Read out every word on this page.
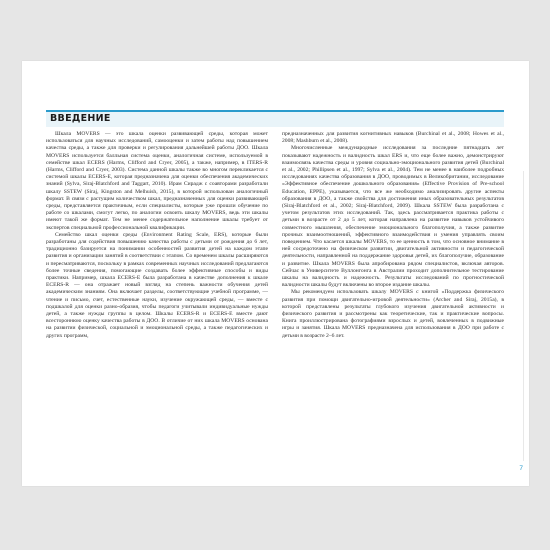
ВВЕДЕНИЕ

Шкала MOVERS — это шкала оценки развивающей среды, которая может использоваться для научных исследований, самооценки и затем работы над повышением качества среды, а также для проверки и регулирования дальнейшей работы ДОО. Шкала MOVERS используется балльная система оценки, аналогичная системе, используемой в семействе шкал ECERS (Harms, Clifford and Cryer, 2005), а также, например, в ITERS-R (Harms, Clifford and Cryer, 2003). Система данной шкалы также во многом перекликается с системой шкалы ECERS-E, которая предназначена для оценки обеспечения академических знаний (Sylva, Siraj-Blatchford and Taggart, 2010). Ирам Сирадж с соавторами разработали шкалу SSTEW (Siraj, Kingston and Melhuish, 2015), в которой использован аналогичный формат. В связи с растущим количеством шкал, предназначенных для оценки развивающей среды, представляется практичным, если специалисты, которые уже прошли обучение по работе со шкалами, смогут легко, по аналогии освоить шкалу MOVERS, ведь эти шкалы имеют такой же формат. Тем не менее содержательное наполнение шкалы требует от экспертов специальной профессиональной квалификации.

Семейство шкал оценки среды (Environment Rating Scale, ERS), которые были разработаны для содействия повышению качества работы с детьми от рождения до 6 лет, традиционно базируется на понимании особенностей развития детей на каждом этапе развития и организации занятий в соответствии с этапом. Со временем шкалы расширяются и пересматриваются, поскольку в рамках современных научных исследований предлагаются более точные сведения, помогающие создавать более эффективные способы и виды практики. Например, шкала ECERS-E была разработана в качестве дополнения к шкале ECERS-R — она отражает новый взгляд на степень важности обучения детей академическим знаниям. Она включает разделы, соответствующие учебной программе, — чтение и письмо, счет, естественные науки, изучение окружающей среды, — вместе с подшкалой для оценки разно-образия, чтобы педагоги учитывали индивидуальные нужды детей, а также нужды группы в целом. Шкалы ECERS-R и ECERS-E вместе дают всестороннюю оценку качества работы в ДОО. В отличие от них шкала MOVERS основана на развитии физической, социальной и эмоциональной среды, а также педагогических и других программ,

предназначенных для развития когнитивных навыков (Burchinal et al., 2008; Howes et al., 2008; Mashburn et al., 2008).

Многочисленные международные исследования за последние пятнадцать лет показывают надежность и валидность шкал ERS и, что еще более важно, демонстрируют взаимосвязь качества среды и уровня социально-эмоционального развития детей (Burchinal et al., 2002; Phillipsen et al., 1997; Sylva et al., 2004). Тем не менее в наиболее подробных исследованиях качества образования в ДОО, проводимых в Великобритании, исследование «Эффективное обеспечение дошкольного образования» (Effective Provision of Pre-school Education, EPPE), указывается, что все же необходимо анализировать другие аспекты образования в ДОО, а также свойства для достижения иных образовательных результатов (Siraj-Blatchford et al., 2002; Siraj-Blatchford, 2009). Шкала SSTEW была разработана с учетом результатов этих исследований. Так, здесь рассматривается практика работы с детьми в возрасте от 2 до 5 лет, которая направлена на развитие навыков устойчивого совместного мышления, обеспечение эмоционального благополучия, а также развитие прочных взаимоотношений, эффективного взаимодействия и умения управлять своим поведением. Что касается шкалы MOVERS, то ее ценность в том, что основное внимание в ней сосредоточено на физическом развитии, двигательной активности и педагогической деятельности, направленной на поддержание здоровья детей, их благополучие, образование и развитие. Шкала MOVERS была апробирована рядом специалистов, включая авторов. Сейчас в Университете Вуллонгонга в Австралии проходит дополнительное тестирование шкалы на валидность и надежность. Результаты исследований по прогностической валидности шкалы будут включены во второе издание шкалы.

Мы рекомендуем использовать шкалу MOVERS с книгой «Поддержка физического развития при помощи двигательно-игровой деятельности» (Archer and Siraj, 2015a), в которой представлены результаты глубокого изучения двигательной активности и физического развития и рассмотрены как теоретические, так и практические вопросы. Книга проиллюстрирована фотографиями взрослых и детей, вовлеченных в подвижные игры и занятия. Шкала MOVERS предназначена для использования в ДОО при работе с детьми в возрасте 2–6 лет.

7
